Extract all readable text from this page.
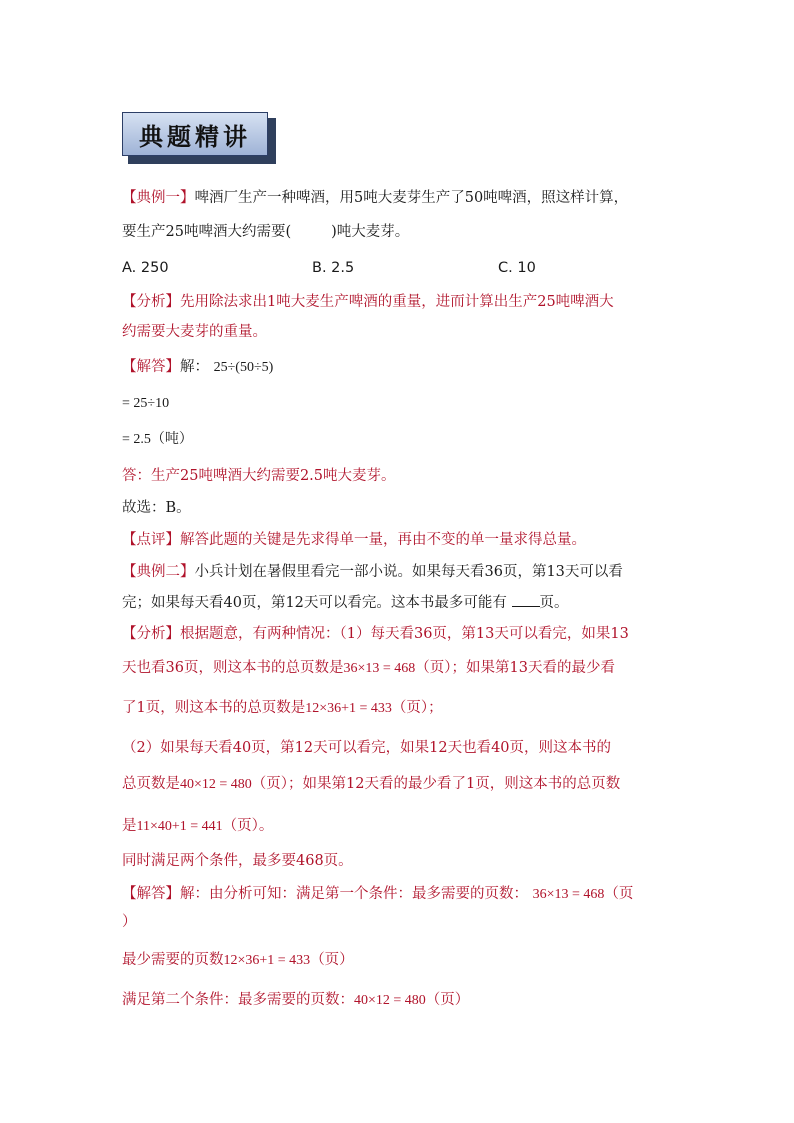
典题精讲
【典例一】啤酒厂生产一种啤酒，用5吨大麦芽生产了50吨啤酒，照这样计算，
要生产25吨啤酒大约需要(	)吨大麦芽。
A. 250	B. 2.5	C. 10
【分析】先用除法求出1吨大麦生产啤酒的重量，进而计算出生产25吨啤酒大
约需要大麦芽的重量。
【解答】解： 25÷(50÷5)
= 25÷10
= 2.5（吨）
答：生产25吨啤酒大约需要2.5吨大麦芽。
故选：B。
【点评】解答此题的关键是先求得单一量，再由不变的单一量求得总量。
【典例二】小兵计划在暑假里看完一部小说。如果每天看36页，第13天可以看
完；如果每天看40页，第12天可以看完。这本书最多可能有 页。
【分析】根据题意，有两种情况：（1）每天看36页，第13天可以看完，如果13
天也看36页，则这本书的总页数是36×13 = 468（页）；如果第13天看的最少看
了1页，则这本书的总页数是12×36+1 = 433（页）；
（2）如果每天看40页，第12天可以看完，如果12天也看40页，则这本书的
总页数是40×12 = 480（页）；如果第12天看的最少看了1页，则这本书的总页数
是11×40+1 = 441（页）。
同时满足两个条件，最多要468页。
【解答】解：由分析可知：满足第一个条件：最多需要的页数： 36×13 = 468（页
）
最少需要的页数12×36+1 = 433（页）
满足第二个条件：最多需要的页数：40×12 = 480（页）
